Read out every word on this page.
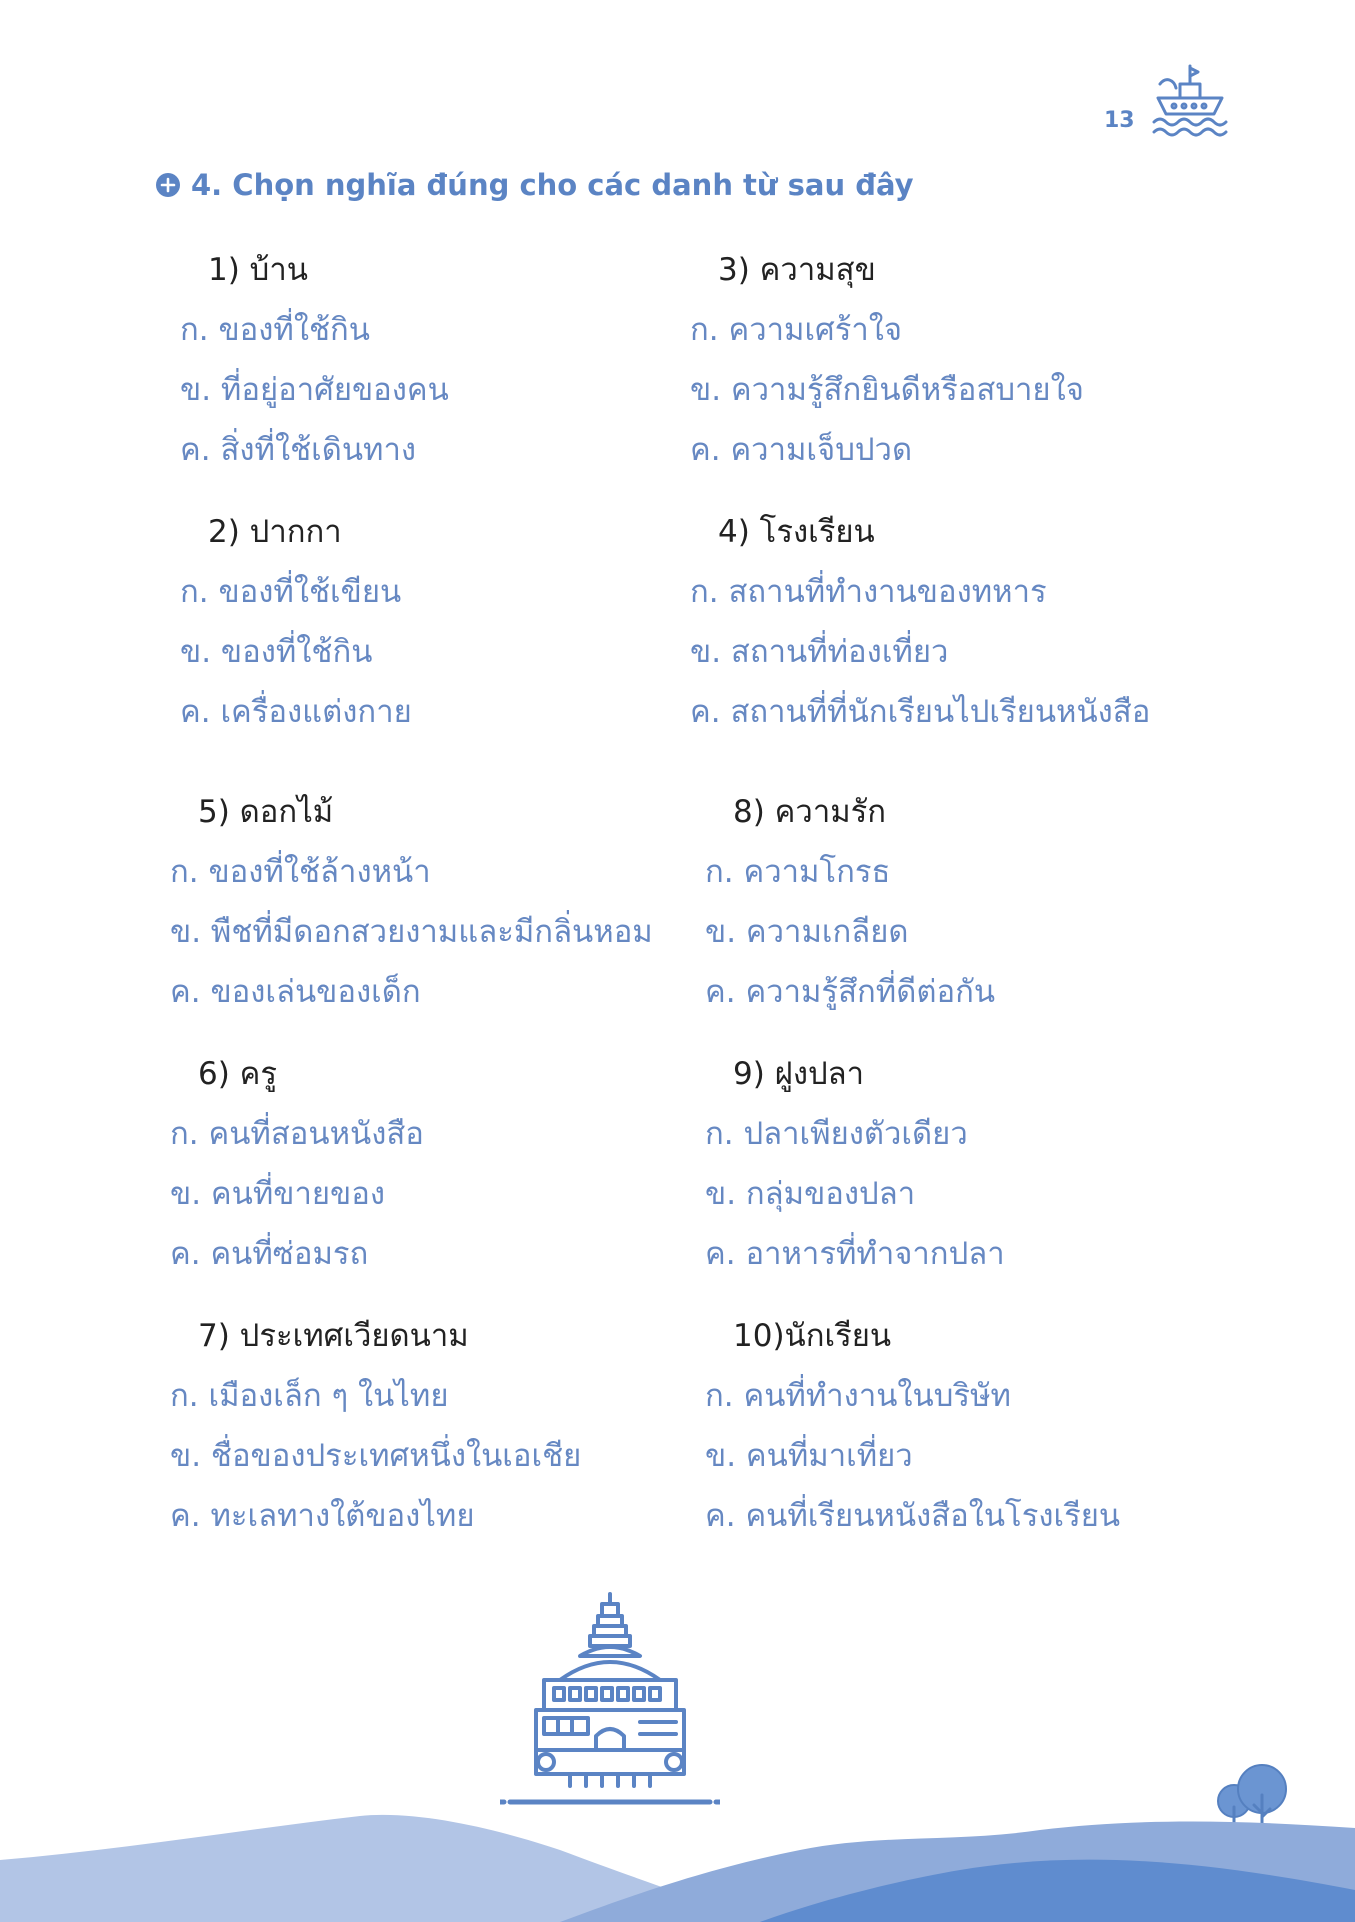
13
4. Chọn nghĩa đúng cho các danh từ sau đây
1) บ้าน
ก. ของที่ใช้กิน
ข. ที่อยู่อาศัยของคน
ค. สิ่งที่ใช้เดินทาง
3) ความสุข
ก. ความเศร้าใจ
ข. ความรู้สึกยินดีหรือสบายใจ
ค. ความเจ็บปวด
2) ปากกา
ก. ของที่ใช้เขียน
ข. ของที่ใช้กิน
ค. เครื่องแต่งกาย
4) โรงเรียน
ก. สถานที่ทำงานของทหาร
ข. สถานที่ท่องเที่ยว
ค. สถานที่ที่นักเรียนไปเรียนหนังสือ
5) ดอกไม้
ก. ของที่ใช้ล้างหน้า
ข. พืชที่มีดอกสวยงามและมีกลิ่นหอม
ค. ของเล่นของเด็ก
8) ความรัก
ก. ความโกรธ
ข. ความเกลียด
ค. ความรู้สึกที่ดีต่อกัน
6) ครู
ก. คนที่สอนหนังสือ
ข. คนที่ขายของ
ค. คนที่ซ่อมรถ
9) ฝูงปลา
ก. ปลาเพียงตัวเดียว
ข. กลุ่มของปลา
ค. อาหารที่ทำจากปลา
7) ประเทศเวียดนาม
ก. เมืองเล็ก ๆ ในไทย
ข. ชื่อของประเทศหนึ่งในเอเชีย
ค. ทะเลทางใต้ของไทย
10)นักเรียน
ก. คนที่ทำงานในบริษัท
ข. คนที่มาเที่ยว
ค. คนที่เรียนหนังสือในโรงเรียน
